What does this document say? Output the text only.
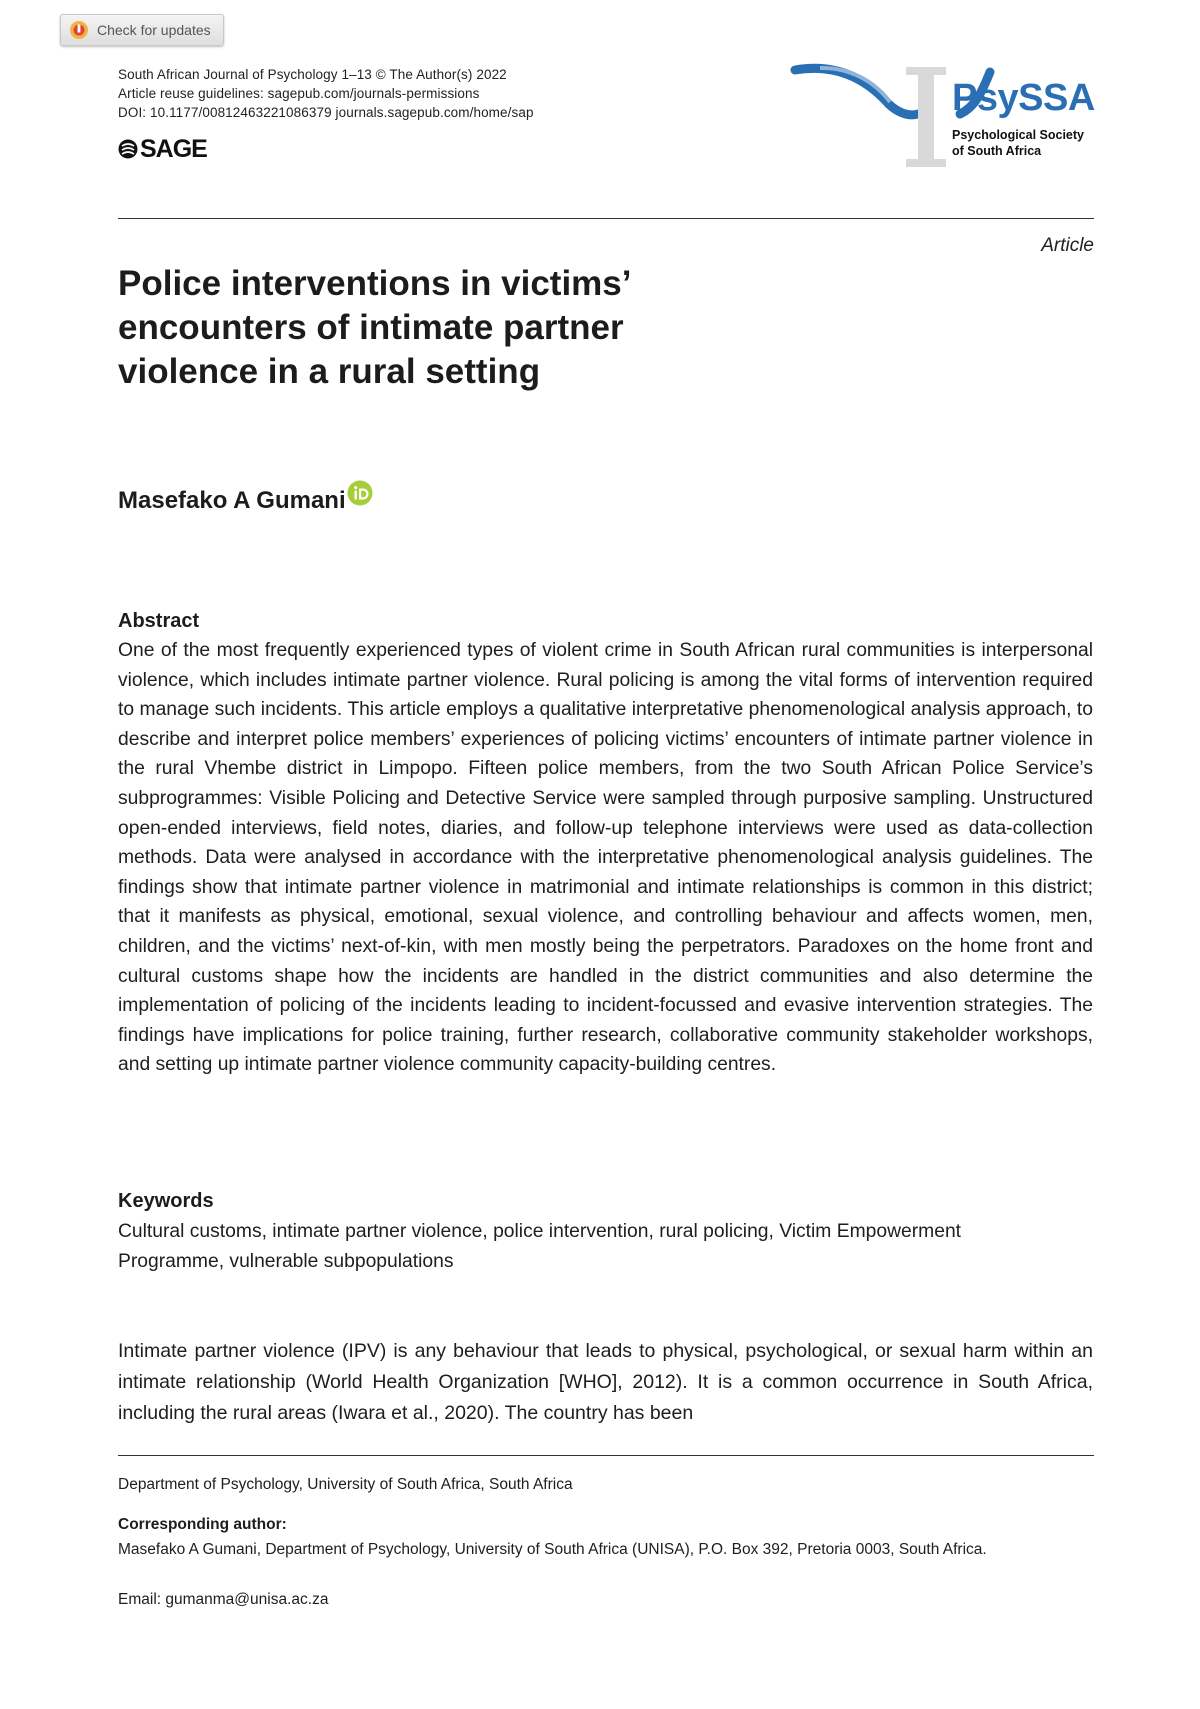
Check for updates
South African Journal of Psychology 1–13 © The Author(s) 2022
Article reuse guidelines: sagepub.com/journals-permissions
DOI: 10.1177/00812463221086379 journals.sagepub.com/home/sap
SAGE
PsySSA
Psychological Society
of South Africa
Article
Police interventions in victims’ encounters of intimate partner violence in a rural setting
Masefako A Gumani
Abstract

One of the most frequently experienced types of violent crime in South African rural communities is interpersonal violence, which includes intimate partner violence. Rural policing is among the vital forms of intervention required to manage such incidents. This article employs a qualitative interpretative phenomenological analysis approach, to describe and interpret police members’ experiences of policing victims’ encounters of intimate partner violence in the rural Vhembe district in Limpopo. Fifteen police members, from the two South African Police Service’s subprogrammes: Visible Policing and Detective Service were sampled through purposive sampling. Unstructured open-ended interviews, field notes, diaries, and follow-up telephone interviews were used as data-collection methods. Data were analysed in accordance with the interpretative phenomenological analysis guidelines. The findings show that intimate partner violence in matrimonial and intimate relationships is common in this district; that it manifests as physical, emotional, sexual violence, and controlling behaviour and affects women, men, children, and the victims’ next-of-kin, with men mostly being the perpetrators. Paradoxes on the home front and cultural customs shape how the incidents are handled in the district communities and also determine the implementation of policing of the incidents leading to incident-focussed and evasive intervention strategies. The findings have implications for police training, further research, collaborative community stakeholder workshops, and setting up intimate partner violence community capacity-building centres.

Keywords

Cultural customs, intimate partner violence, police intervention, rural policing, Victim Empowerment Programme, vulnerable subpopulations

Intimate partner violence (IPV) is any behaviour that leads to physical, psychological, or sexual harm within an intimate relationship (World Health Organization [WHO], 2012). It is a common occurrence in South Africa, including the rural areas (Iwara et al., 2020). The country has been

Department of Psychology, University of South Africa, South Africa
Corresponding author:

Masefako A Gumani, Department of Psychology, University of South Africa (UNISA), P.O. Box 392, Pretoria 0003, South Africa.

Email: gumanma@unisa.ac.za
